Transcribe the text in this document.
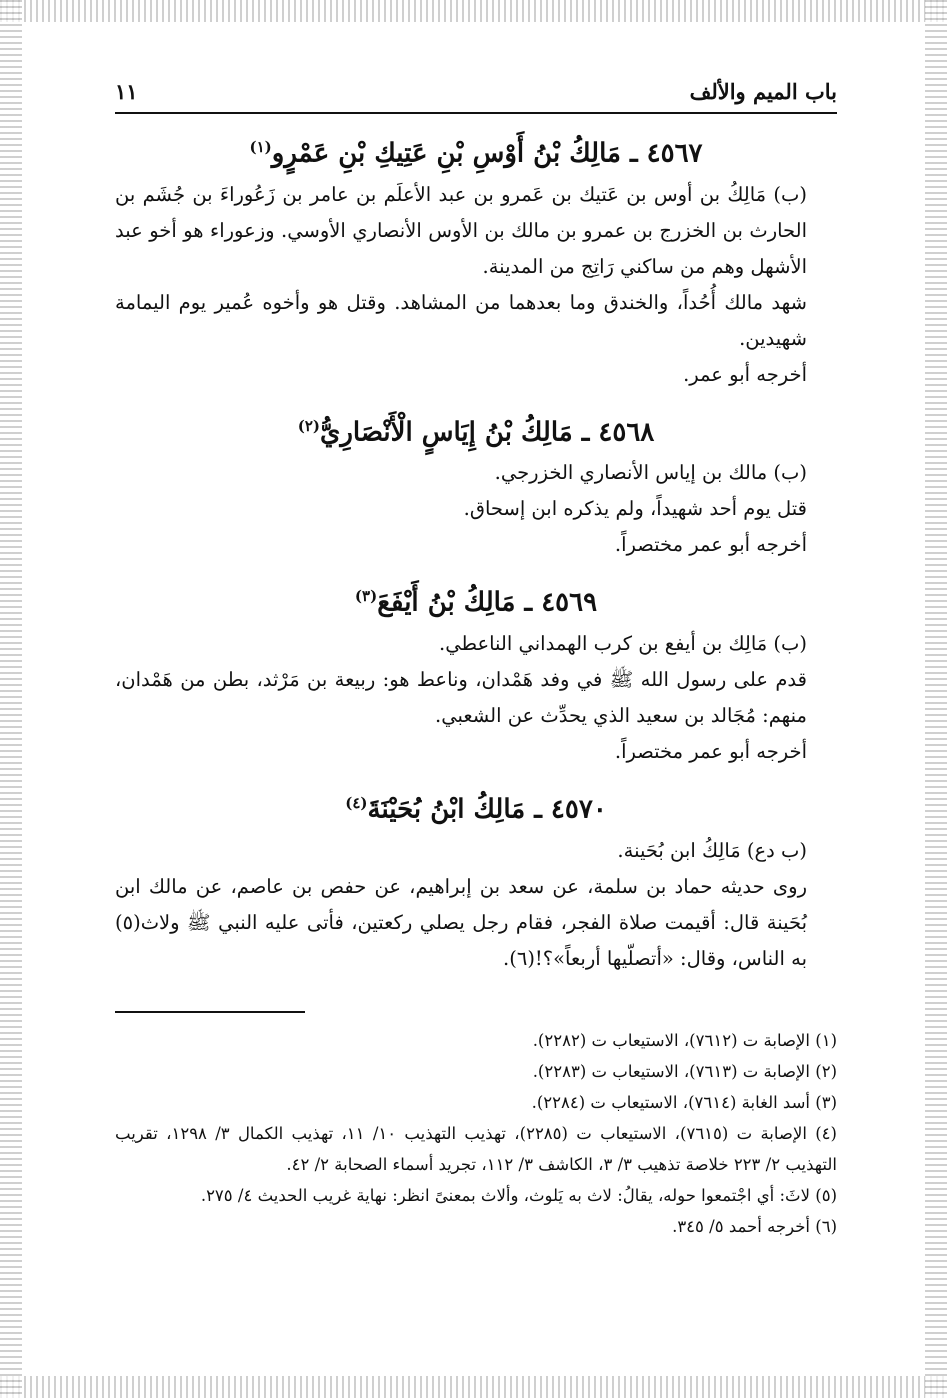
باب الميم والألف
١١
٤٥٦٧ ـ مَالِكُ بْنُ أَوْسِ بْنِ عَتِيكِ بْنِ عَمْرٍو$^{(١)}$

(ب) مَالِكُ بن أوس بن عَتيك بن عَمرو بن عبد الأعلَم بن عامر بن زَعُوراءَ بن جُشَم بن الحارث بن الخزرج بن عمرو بن مالك بن الأوس الأنصاري الأوسي. وزعوراء هو أخو عبد الأشهل وهم من ساكني رَاتِج من المدينة.

شهد مالك أُحُداً، والخندق وما بعدهما من المشاهد. وقتل هو وأخوه عُمير يوم اليمامة شهيدين.

أخرجه أبو عمر.

٤٥٦٨ ـ مَالِكُ بْنُ إِيَاسٍ الْأَنْصَارِيُّ$^{(٢)}$

(ب) مالك بن إياس الأنصاري الخزرجي.

قتل يوم أحد شهيداً، ولم يذكره ابن إسحاق.

أخرجه أبو عمر مختصراً.

٤٥٦٩ ـ مَالِكُ بْنُ أَيْفَعَ$^{(٣)}$

(ب) مَالِك بن أيفع بن كرب الهمداني الناعطي.

قدم على رسول الله ﷺ في وفد هَمْدان، وناعط هو: ربيعة بن مَرْثد، بطن من هَمْدان، منهم: مُجَالد بن سعيد الذي يحدِّث عن الشعبي.

أخرجه أبو عمر مختصراً.

٤٥٧٠ ـ مَالِكُ ابْنُ بُحَيْنَةَ$^{(٤)}$

(ب دع) مَالِكُ ابن بُحَينة.

روى حديثه حماد بن سلمة، عن سعد بن إبراهيم، عن حفص بن عاصم، عن مالك ابن بُحَينة قال: أقيمت صلاة الفجر، فقام رجل يصلي ركعتين، فأتى عليه النبي ﷺ ولاث(٥) به الناس، وقال: «أتصلّيها أربعاً»؟!(٦).

(١) الإصابة ت (٧٦١٢)، الاستيعاب ت (٢٢٨٢).

(٢) الإصابة ت (٧٦١٣)، الاستيعاب ت (٢٢٨٣).

(٣) أسد الغابة (٧٦١٤)، الاستيعاب ت (٢٢٨٤).

(٤) الإصابة ت (٧٦١٥)، الاستيعاب ت (٢٢٨٥)، تهذيب التهذيب ١٠/ ١١، تهذيب الكمال ٣/ ١٢٩٨، تقريب التهذيب ٢/ ٢٢٣ خلاصة تذهيب ٣/ ٣، الكاشف ٣/ ١١٢، تجريد أسماء الصحابة ٢/ ٤٢.

(٥) لاثَ: أي اجْتمعوا حوله، يقالُ: لاث به يَلوث، وألاث بمعنىً انظر: نهاية غريب الحديث ٤/ ٢٧٥.

(٦) أخرجه أحمد ٥/ ٣٤٥.
